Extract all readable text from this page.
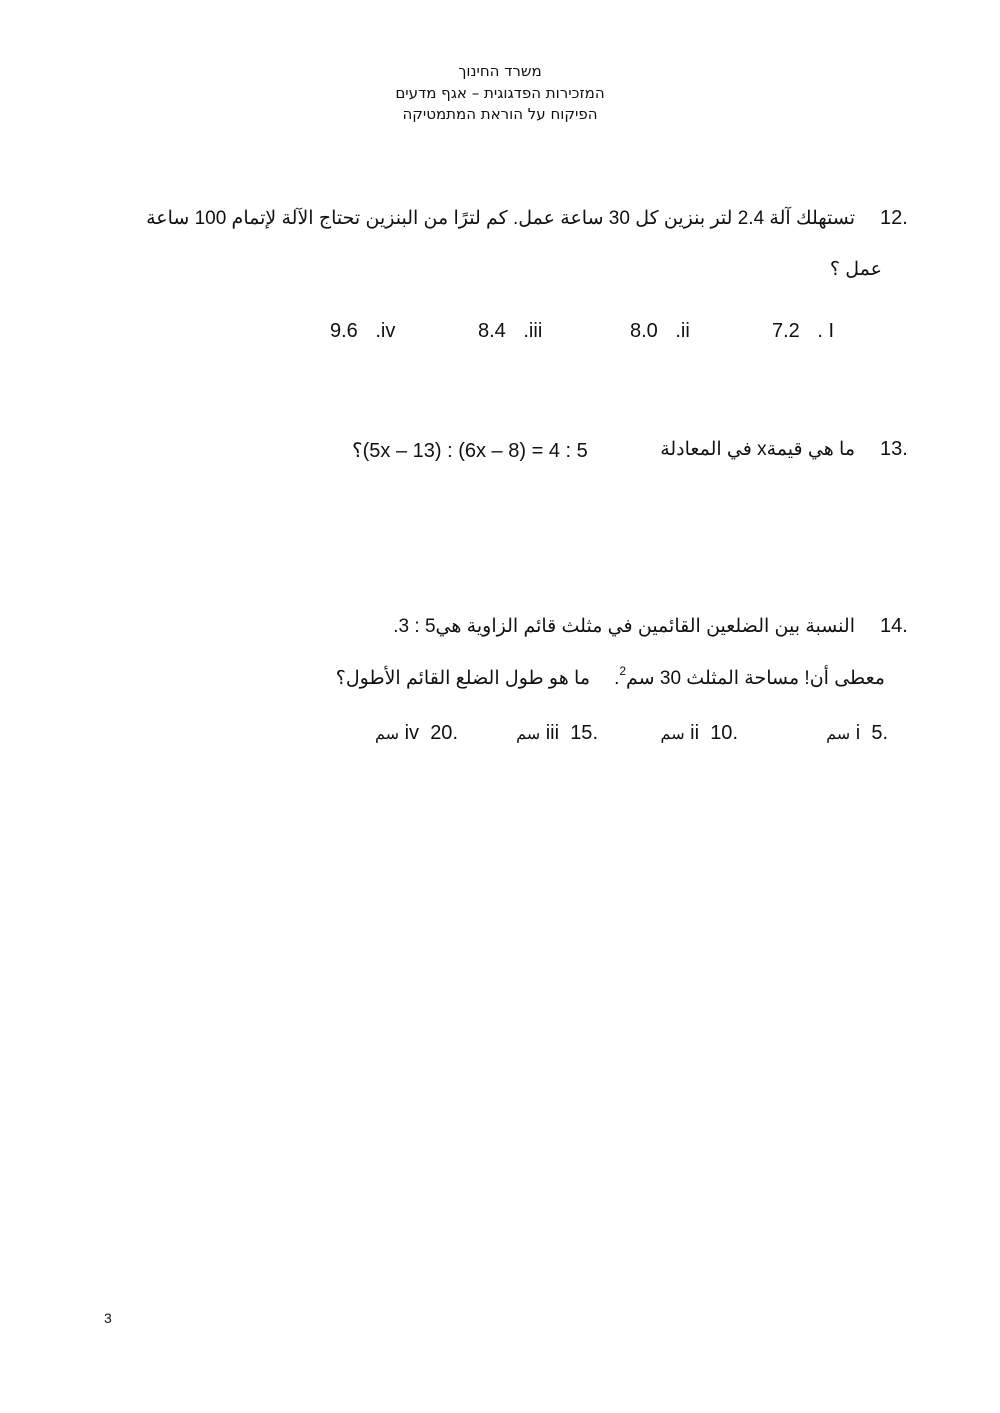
משרד החינוך
המזכירות הפדגוגית – אגף מדעים
הפיקוח על הוראת המתמטיקה
12.
تستهلك آلة 2.4 لتر بنزين كل 30 ساعة عمل. كم لترًا من البنزين تحتاج الآلة لإتمام 100 ساعة
عمل ؟
7.2 . I
8.0 .ii
8.4 .iii
9.6 .iv
13.
ما هي قيمةx في المعادلة
؟(5x – 13) : (6x – 8) = 4 : 5
14.
النسبة بين الضلعين القائمين في مثلث قائم الزاوية هي5 : 3.
معطى أن! مساحة المثلث 30 سم$^2$.
ما هو طول الضلع القائم الأطول؟
.i  5 سم
.ii  10 سم
.iii  15 سم
.iv  20 سم
3
